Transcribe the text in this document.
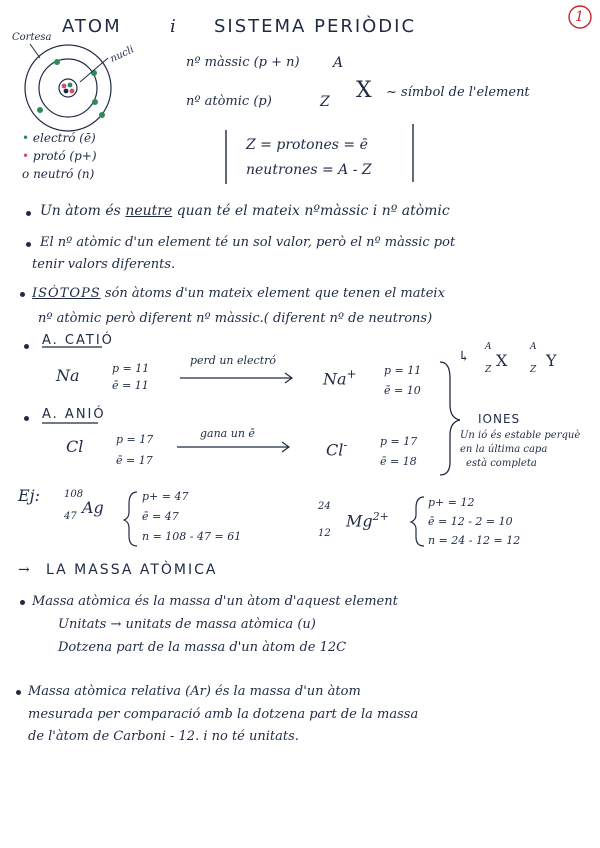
1
ATOM	i SISTEMA PERIÒDIC
Cortesa
nucli
• electró (ē)
• protó (p+)
o neutró (n)
nº màssic (p + n) A
nº atòmic (p)	Z X ~ símbol de l'element
Z = protones = ē
neutrones = A - Z
Un àtom és neutre quan té el mateix nºmàssic i nº atòmic
El nº atòmic d'un element té un sol valor, però el nº màssic pot
tenir valors diferents.
ISÒTOPS són àtoms d'un mateix element que tenen el mateix
nº atòmic però diferent nº màssic.( diferent nº de neutrons)
↳
A
Z X
A
Z Y
A. CATIÓ
Na	p = 11
ē = 11
perd un electró
Na+ p = 11
ē = 10
A. ANIÓ
Cl	p = 17
ē = 17
gana un ē
Cl-	p = 17
ē = 18
IONES
Un ió és estable perquè
en la última capa
està completa
Ej: 108
47 Ag
p+ = 47
ē = 47
n = 108 - 47 = 61
24
12
$Mg^{2+}$
p+ = 12
ē = 12 - 2 = 10
n = 24 - 12 = 12
→ LA MASSA ATÒMICA
Massa atòmica és la massa d'un àtom d'aquest element
Unitats → unitats de massa atòmica (u)
Dotzena part de la massa d'un àtom de 12C
Massa atòmica relativa (Ar) és la massa d'un àtom
mesurada per comparació amb la dotzena part de la massa
de l'àtom de Carboni - 12. i no té unitats.
